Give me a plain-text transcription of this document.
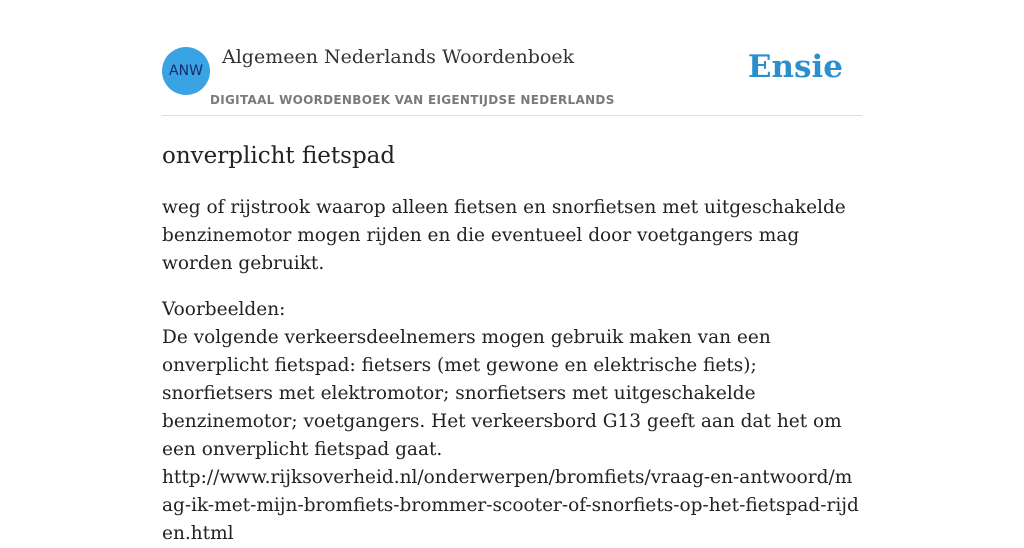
ANW
Algemeen Nederlands Woordenboek
DIGITAAL WOORDENBOEK VAN EIGENTIJDSE NEDERLANDS
Ensie
onverplicht fietspad

weg of rijstrook waarop alleen fietsen en snorfietsen met uitgeschakelde benzinemotor mogen rijden en die eventueel door voetgangers mag worden gebruikt.

Voorbeelden:
De volgende verkeersdeelnemers mogen gebruik maken van een onverplicht fietspad: fietsers (met gewone en elektrische fiets); snorfietsers met elektromotor; snorfietsers met uitgeschakelde benzinemotor; voetgangers. Het verkeersbord G13 geeft aan dat het om een onverplicht fietspad gaat.
http://www.rijksoverheid.nl/onderwerpen/bromfiets/vraag-en-antwoord/mag-ik-met-mijn-bromfiets-brommer-scooter-of-snorfiets-op-het-fietspad-rijden.html
